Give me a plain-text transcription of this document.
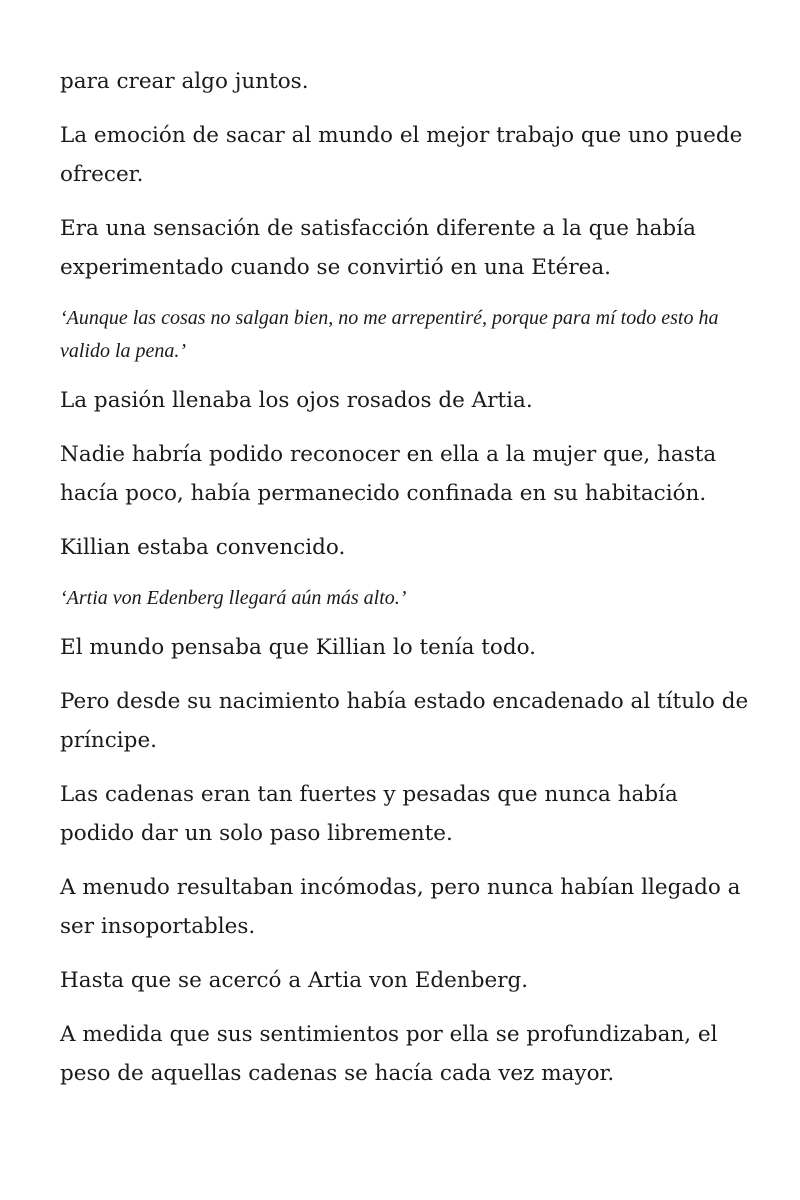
para crear algo juntos.

La emoción de sacar al mundo el mejor trabajo que uno puede ofrecer.

Era una sensación de satisfacción diferente a la que había experimentado cuando se convirtió en una Etérea.

‘Aunque las cosas no salgan bien, no me arrepentiré, porque para mí todo esto ha valido la pena.’

La pasión llenaba los ojos rosados de Artia.

Nadie habría podido reconocer en ella a la mujer que, hasta hacía poco, había permanecido confinada en su habitación.

Killian estaba convencido.

‘Artia von Edenberg llegará aún más alto.’

El mundo pensaba que Killian lo tenía todo.

Pero desde su nacimiento había estado encadenado al título de príncipe.

Las cadenas eran tan fuertes y pesadas que nunca había podido dar un solo paso libremente.

A menudo resultaban incómodas, pero nunca habían llegado a ser insoportables.

Hasta que se acercó a Artia von Edenberg.

A medida que sus sentimientos por ella se profundizaban, el peso de aquellas cadenas se hacía cada vez mayor.
